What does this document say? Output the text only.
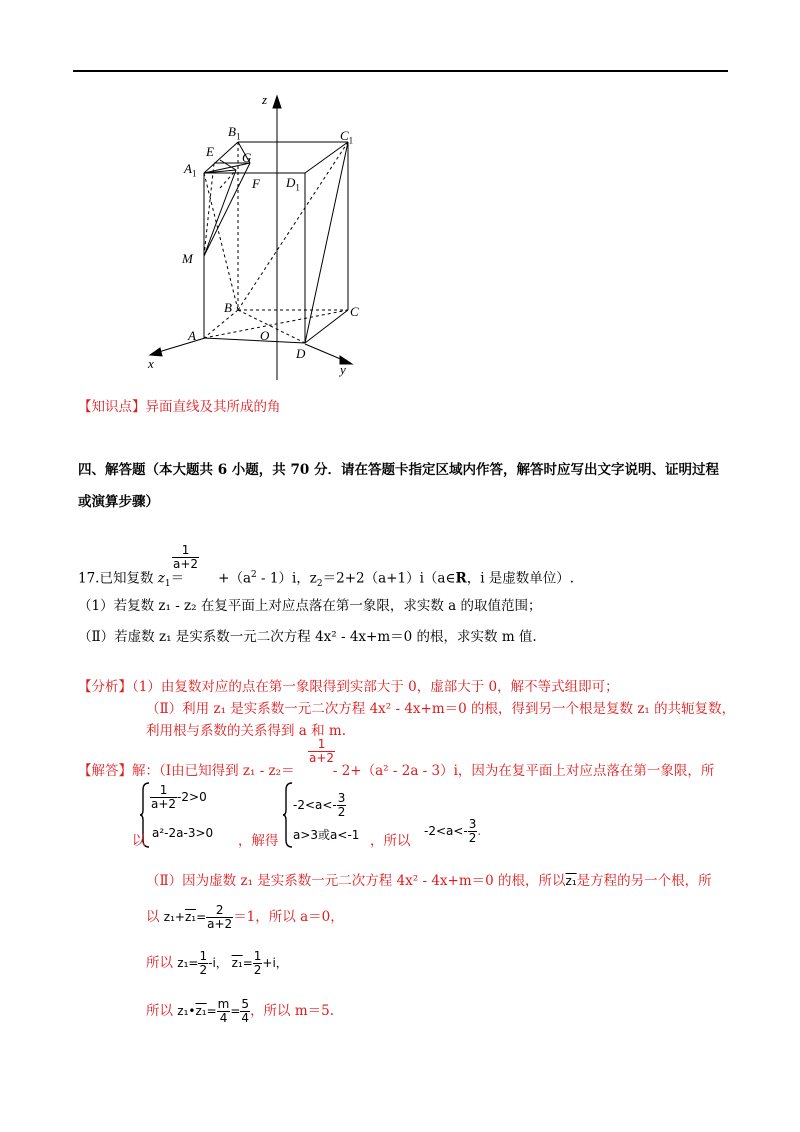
z
x	y
$B_1$	$C_1$
$A_1$
$D_1$
E G
F
M
B	C
A	O
D
【知识点】异面直线及其所成的角
四、解答题（本大题共 6 小题，共 70 分．请在答题卡指定区域内作答，解答时应写出文字说明、证明过程
或演算步骤）
$\frac{1}{a+2}$
17.已知复数 $z_1=$	$+(a^2 - 1)i$，$z_2=2+2(a+1)i(a\in R$，i 是虚数单位）.
（1）若复数 z₁ - z₂ 在复平面上对应点落在第一象限，求实数 a 的取值范围；
（Ⅱ）若虚数 z₁ 是实系数一元二次方程 4x² - 4x+m＝0 的根，求实数 m 值.
【分析】（1）由复数对应的点在第一象限得到实部大于 0，虚部大于 0，解不等式组即可；
（Ⅱ）利用 z₁ 是实系数一元二次方程 4x² - 4x+m＝0 的根，得到另一个根是复数 z₁ 的共轭复数，
利用根与系数的关系得到 a 和 m.
$\frac{1}{a+2}$
【解答】解：（Ⅰ由已知得到 z₁ - z₂＝	- 2+（a² - 2a - 3）i，因为在复平面上对应点落在第一象限，所
$\frac{1}{a+2} -2>0$
a²-2a-3>0
以	，解得
$-2<a<- \frac{3}{2}$
a>3或a<-1 ，所以
$-2<a<- \frac{3}{2}$ .
（Ⅱ）因为虚数 z₁ 是实系数一元二次方程 4x² - 4x+m＝0 的根，所以z₁是方程的另一个根，所
以 $z_1+z_1= \frac{2}{a+2} =1$，所以 a＝0，
所以 $z_1= \frac{1}{2} -i$， $z_1= \frac{1}{2} +i$，
所以 z₁•z₁= $\frac{m}{4} = \frac{5}{4}$ ，所以 m＝5.
